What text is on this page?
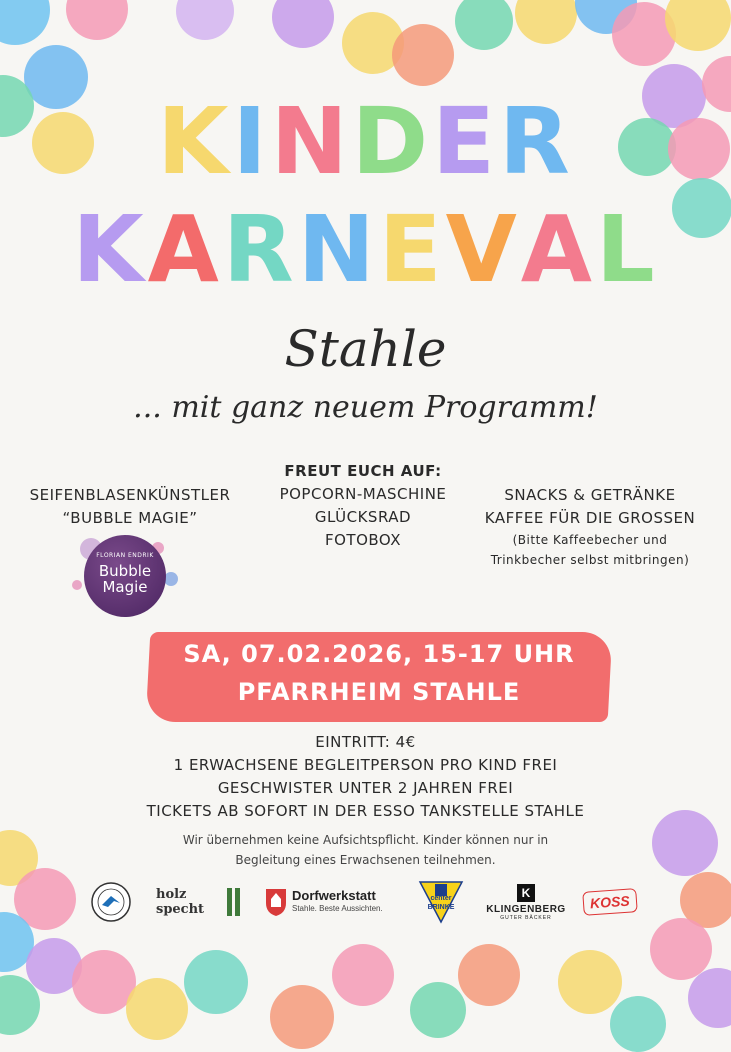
KINDER
KARNEVAL
Stahle
... mit ganz neuem Programm!
SEIFENBLASENKÜNSTLER
“BUBBLE MAGIE”
FLORIAN ENDRIK
Bubble
Magie
FREUT EUCH AUF:
POPCORN-MASCHINE
GLÜCKSRAD
FOTOBOX
SNACKS & GETRÄNKE
KAFFEE FÜR DIE GROSSEN
(Bitte Kaffeebecher und
Trinkbecher selbst mitbringen)
SA, 07.02.2026, 15-17 UHR
PFARRHEIM STAHLE
EINTRITT: 4€
1 ERWACHSENE BEGLEITPERSON PRO KIND FREI
GESCHWISTER UNTER 2 JAHREN FREI
TICKETS AB SOFORT IN DER ESSO TANKSTELLE STAHLE
Wir übernehmen keine Aufsichtspflicht. Kinder können nur in
Begleitung eines Erwachsenen teilnehmen.
holz specht
Dorfwerkstatt
Stahle. Beste Aussichten.
center
BRINKE
K
KLINGENBERG
GUTER BÄCKER
KOSS
